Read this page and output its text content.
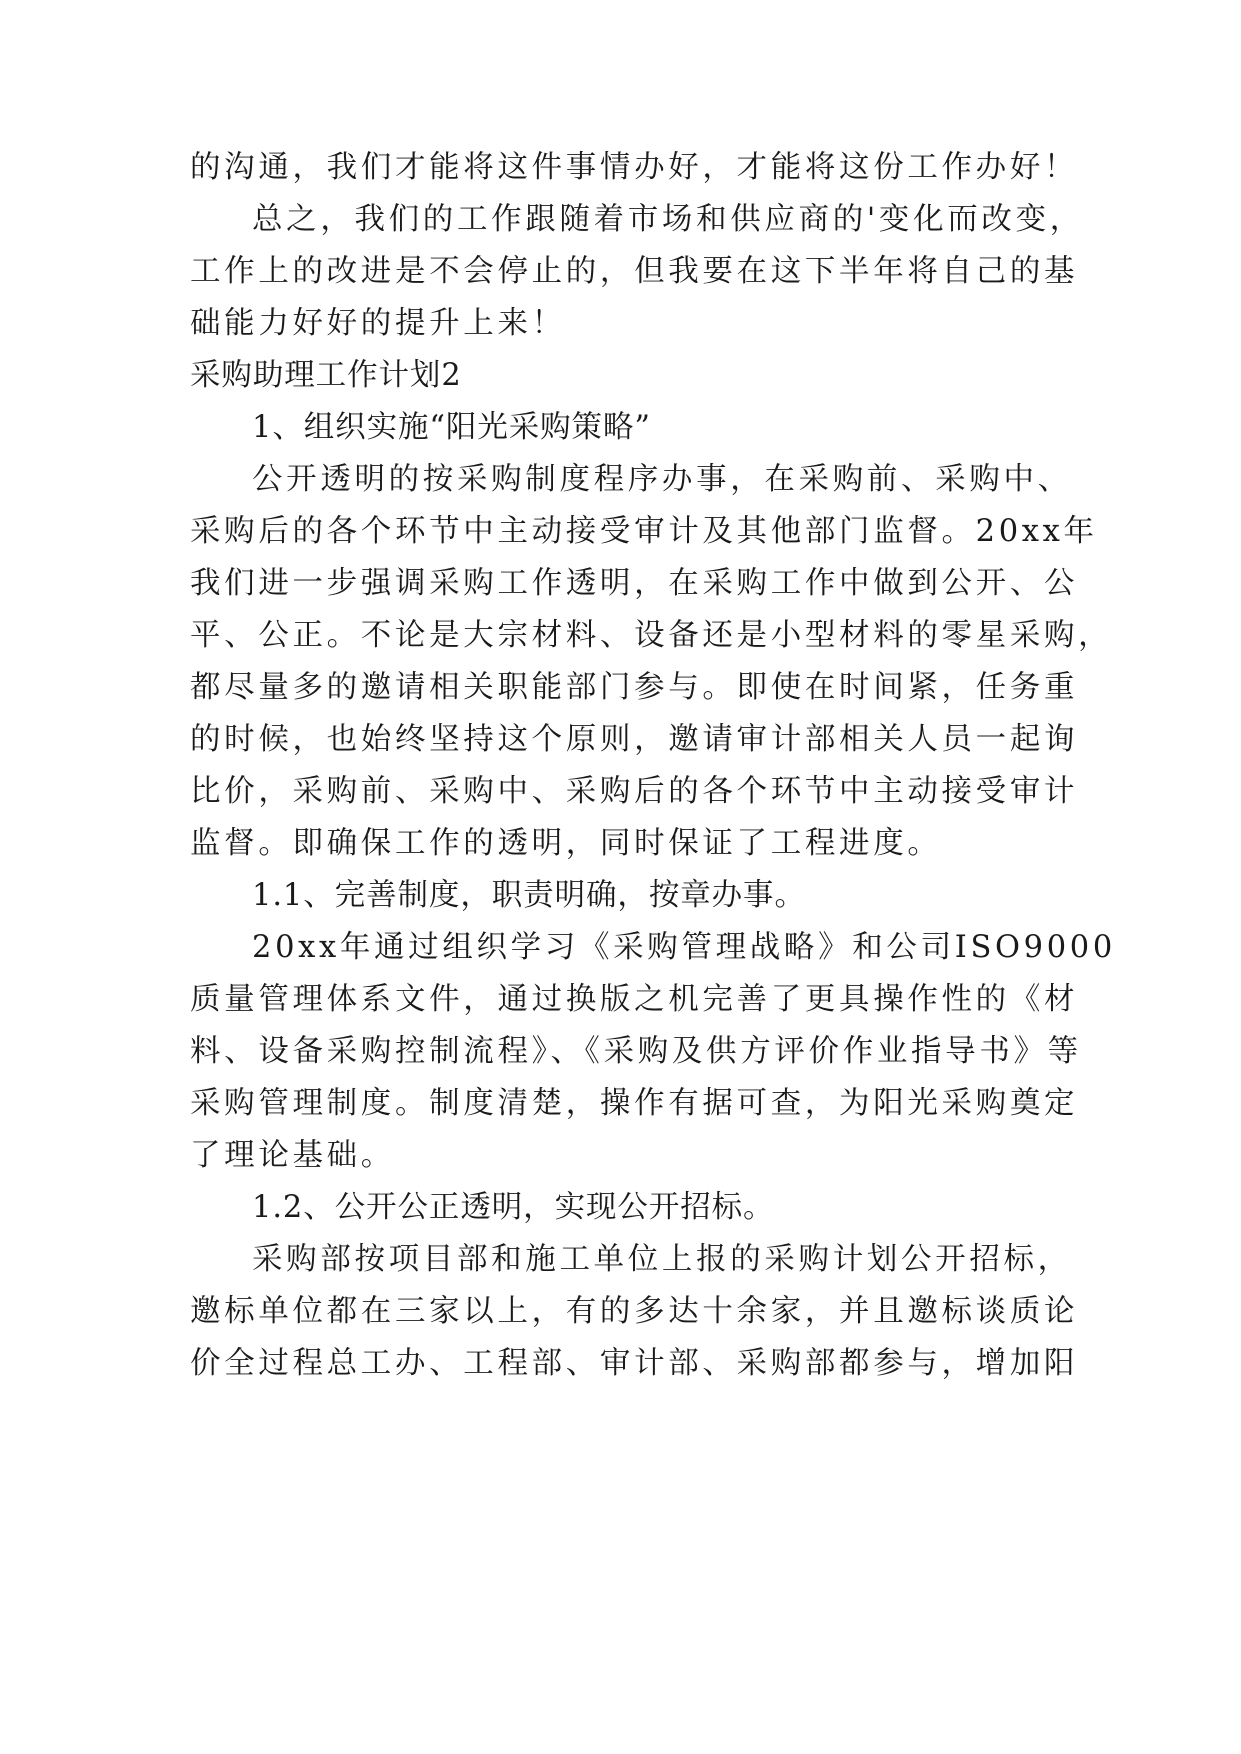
的沟通，我们才能将这件事情办好，才能将这份工作办好！

总之，我们的工作跟随着市场和供应商的'变化而改变，

工作上的改进是不会停止的，但我要在这下半年将自己的基

础能力好好的提升上来！

采购助理工作计划2

1、组织实施“阳光采购策略”

公开透明的按采购制度程序办事，在采购前、采购中、

采购后的各个环节中主动接受审计及其他部门监督。20xx年

我们进一步强调采购工作透明，在采购工作中做到公开、公

平、公正。不论是大宗材料、设备还是小型材料的零星采购，

都尽量多的邀请相关职能部门参与。即使在时间紧，任务重

的时候，也始终坚持这个原则，邀请审计部相关人员一起询

比价，采购前、采购中、采购后的各个环节中主动接受审计

监督。即确保工作的透明，同时保证了工程进度。

1.1、完善制度，职责明确，按章办事。

20xx年通过组织学习《采购管理战略》和公司ISO9000

质量管理体系文件，通过换版之机完善了更具操作性的《材

料、设备采购控制流程》、《采购及供方评价作业指导书》等

采购管理制度。制度清楚，操作有据可查，为阳光采购奠定

了理论基础。

1.2、公开公正透明，实现公开招标。

采购部按项目部和施工单位上报的采购计划公开招标，

邀标单位都在三家以上，有的多达十余家，并且邀标谈质论

价全过程总工办、工程部、审计部、采购部都参与，增加阳
